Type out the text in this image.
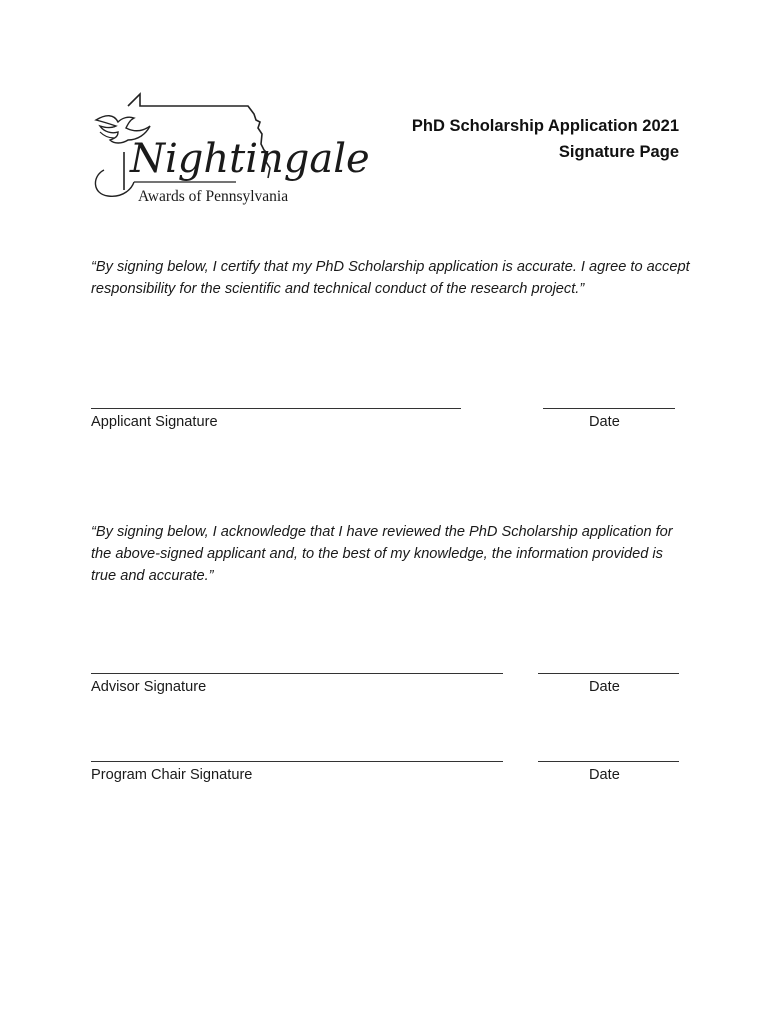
Nightingale
Awards of Pennsylvania
PhD Scholarship Application 2021
Signature Page
“By signing below, I certify that my PhD Scholarship application is accurate. I agree to accept responsibility for the scientific and technical conduct of the research project.”
Applicant Signature	Date
“By signing below, I acknowledge that I have reviewed the PhD Scholarship application for the above-signed applicant and, to the best of my knowledge, the information provided is true and accurate.”
Advisor Signature	Date
Program Chair Signature	Date
